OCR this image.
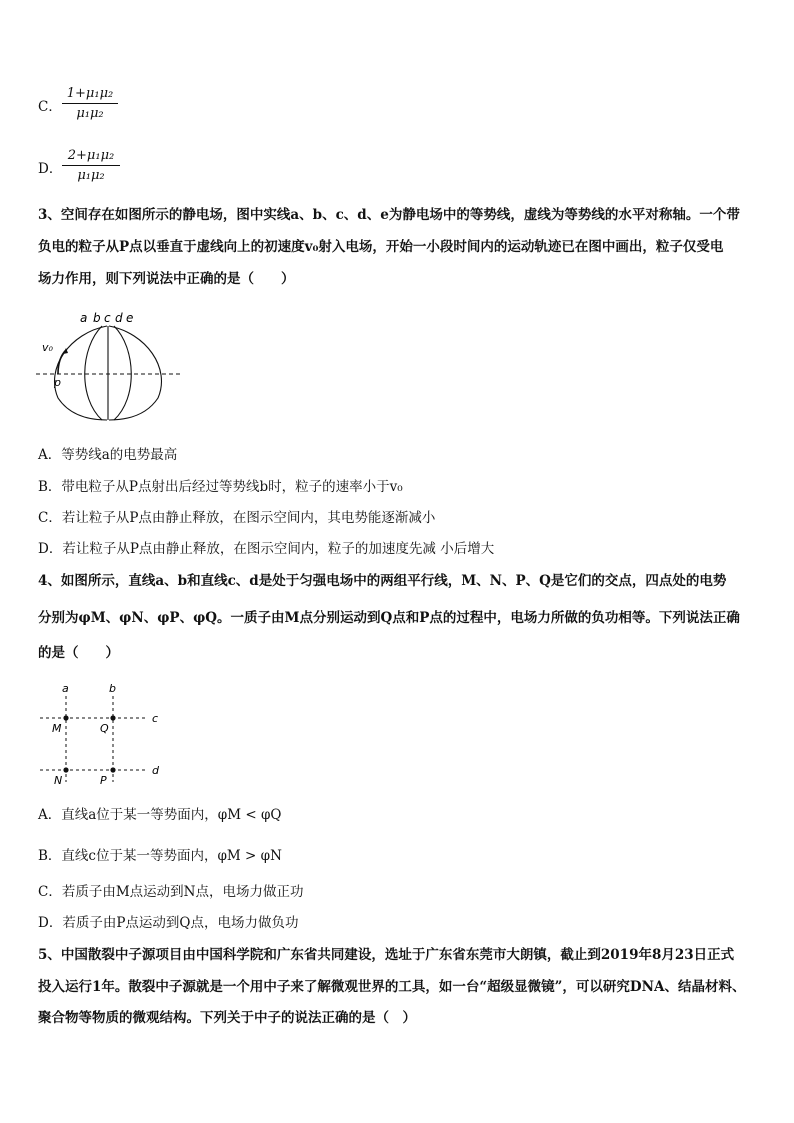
C．
1+μ₁μ₂
μ₁μ₂
D．
2+μ₁μ₂
μ₁μ₂
3、空间存在如图所示的静电场，图中实线a、b、c、d、e为静电场中的等势线，虚线为等势线的水平对称轴。一个带
负电的粒子从P点以垂直于虚线向上的初速度v₀射入电场，开始一小段时间内的运动轨迹已在图中画出，粒子仅受电
场力作用，则下列说法中正确的是（　　）
a b c d e
v₀
p
A．等势线a的电势最高
B．带电粒子从P点射出后经过等势线b时，粒子的速率小于v₀
C．若让粒子从P点由静止释放，在图示空间内，其电势能逐渐减小
D．若让粒子从P点由静止释放，在图示空间内，粒子的加速度先减 小后增大
4、如图所示，直线a、b和直线c、d是处于匀强电场中的两组平行线，M、N、P、Q是它们的交点，四点处的电势
分别为φM、φN、φP、φQ。一质子由M点分别运动到Q点和P点的过程中，电场力所做的负功相等。下列说法正确
的是（　　）
a	b
c
d
M	Q
N	P
A．直线a位于某一等势面内，φM < φQ
B．直线c位于某一等势面内，φM > φN
C．若质子由M点运动到N点，电场力做正功
D．若质子由P点运动到Q点，电场力做负功
5、中国散裂中子源项目由中国科学院和广东省共同建设，选址于广东省东莞市大朗镇，截止到2019年8月23日正式
投入运行1年。散裂中子源就是一个用中子来了解微观世界的工具，如一台“超级显微镜”，可以研究DNA、结晶材料、
聚合物等物质的微观结构。下列关于中子的说法正确的是（　）
